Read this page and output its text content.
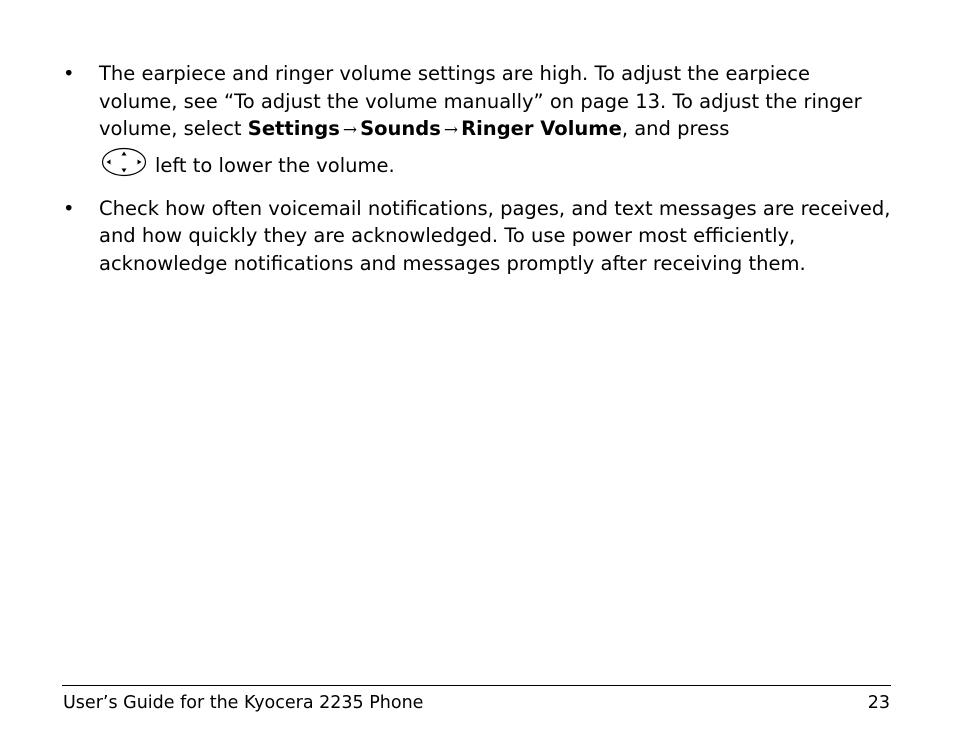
• The earpiece and ringer volume settings are high. To adjust the earpiece volume, see “To adjust the volume manually” on page 13. To adjust the ringer volume, select Settings → Sounds → Ringer Volume, and press
left to lower the volume.
• Check how often voicemail notifications, pages, and text messages are received, and how quickly they are acknowledged. To use power most efficiently, acknowledge notifications and messages promptly after receiving them.
User’s Guide for the Kyocera 2235 Phone	23
